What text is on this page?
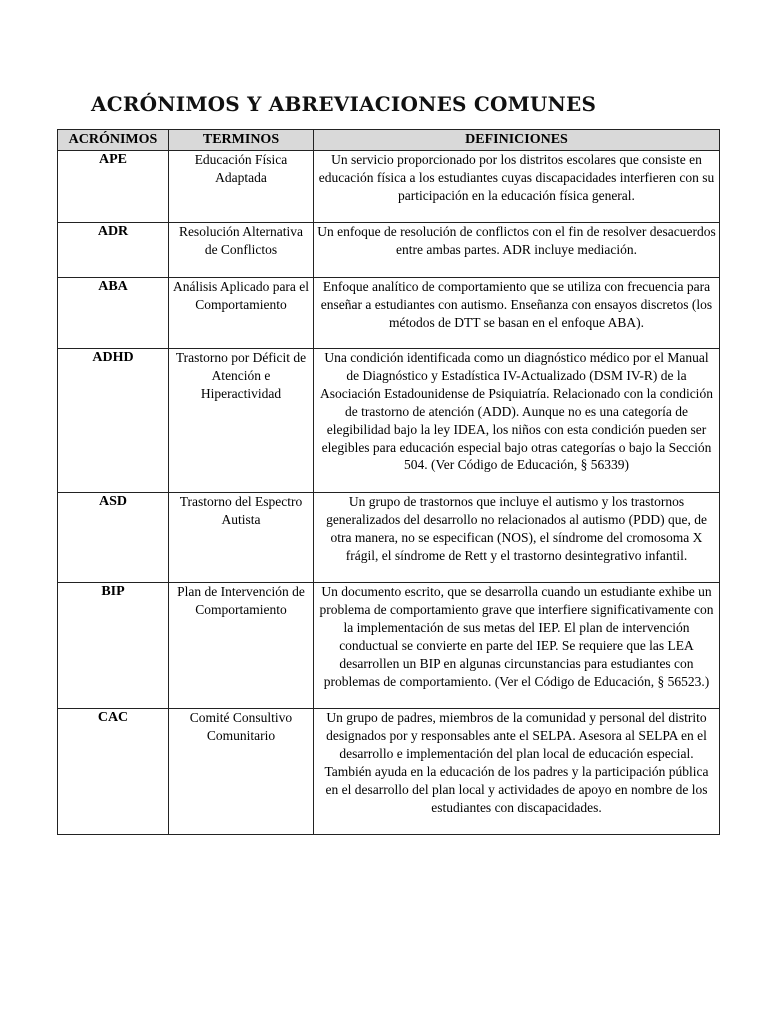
ACRÓNIMOS Y ABREVIACIONES COMUNES
ACRÓNIMOS	TERMINOS	DEFINICIONES
APE	Educación Física Adaptada	Un servicio proporcionado por los distritos escolares que consiste en educación física a los estudiantes cuyas discapacidades interfieren con su participación en la educación física general.
ADR	Resolución Alternativa de Conflictos	Un enfoque de resolución de conflictos con el fin de resolver desacuerdos entre ambas partes. ADR incluye mediación.
ABA	Análisis Aplicado para el Comportamiento	Enfoque analítico de comportamiento que se utiliza con frecuencia para enseñar a estudiantes con autismo. Enseñanza con ensayos discretos (los métodos de DTT se basan en el enfoque ABA).
ADHD	Trastorno por Déficit de Atención e Hiperactividad	Una condición identificada como un diagnóstico médico por el Manual de Diagnóstico y Estadística IV-Actualizado (DSM IV-R) de la Asociación Estadounidense de Psiquiatría. Relacionado con la condición de trastorno de atención (ADD). Aunque no es una categoría de elegibilidad bajo la ley IDEA, los niños con esta condición pueden ser elegibles para educación especial bajo otras categorías o bajo la Sección 504. (Ver Código de Educación, § 56339)
ASD	Trastorno del Espectro Autista	Un grupo de trastornos que incluye el autismo y los trastornos generalizados del desarrollo no relacionados al autismo (PDD) que, de otra manera, no se especifican (NOS), el síndrome del cromosoma X frágil, el síndrome de Rett y el trastorno desintegrativo infantil.
BIP	Plan de Intervención de Comportamiento	Un documento escrito, que se desarrolla cuando un estudiante exhibe un problema de comportamiento grave que interfiere significativamente con la implementación de sus metas del IEP. El plan de intervención conductual se convierte en parte del IEP. Se requiere que las LEA desarrollen un BIP en algunas circunstancias para estudiantes con problemas de comportamiento. (Ver el Código de Educación, § 56523.)
CAC	Comité Consultivo Comunitario	Un grupo de padres, miembros de la comunidad y personal del distrito designados por y responsables ante el SELPA. Asesora al SELPA en el desarrollo e implementación del plan local de educación especial. También ayuda en la educación de los padres y la participación pública en el desarrollo del plan local y actividades de apoyo en nombre de los estudiantes con discapacidades.
